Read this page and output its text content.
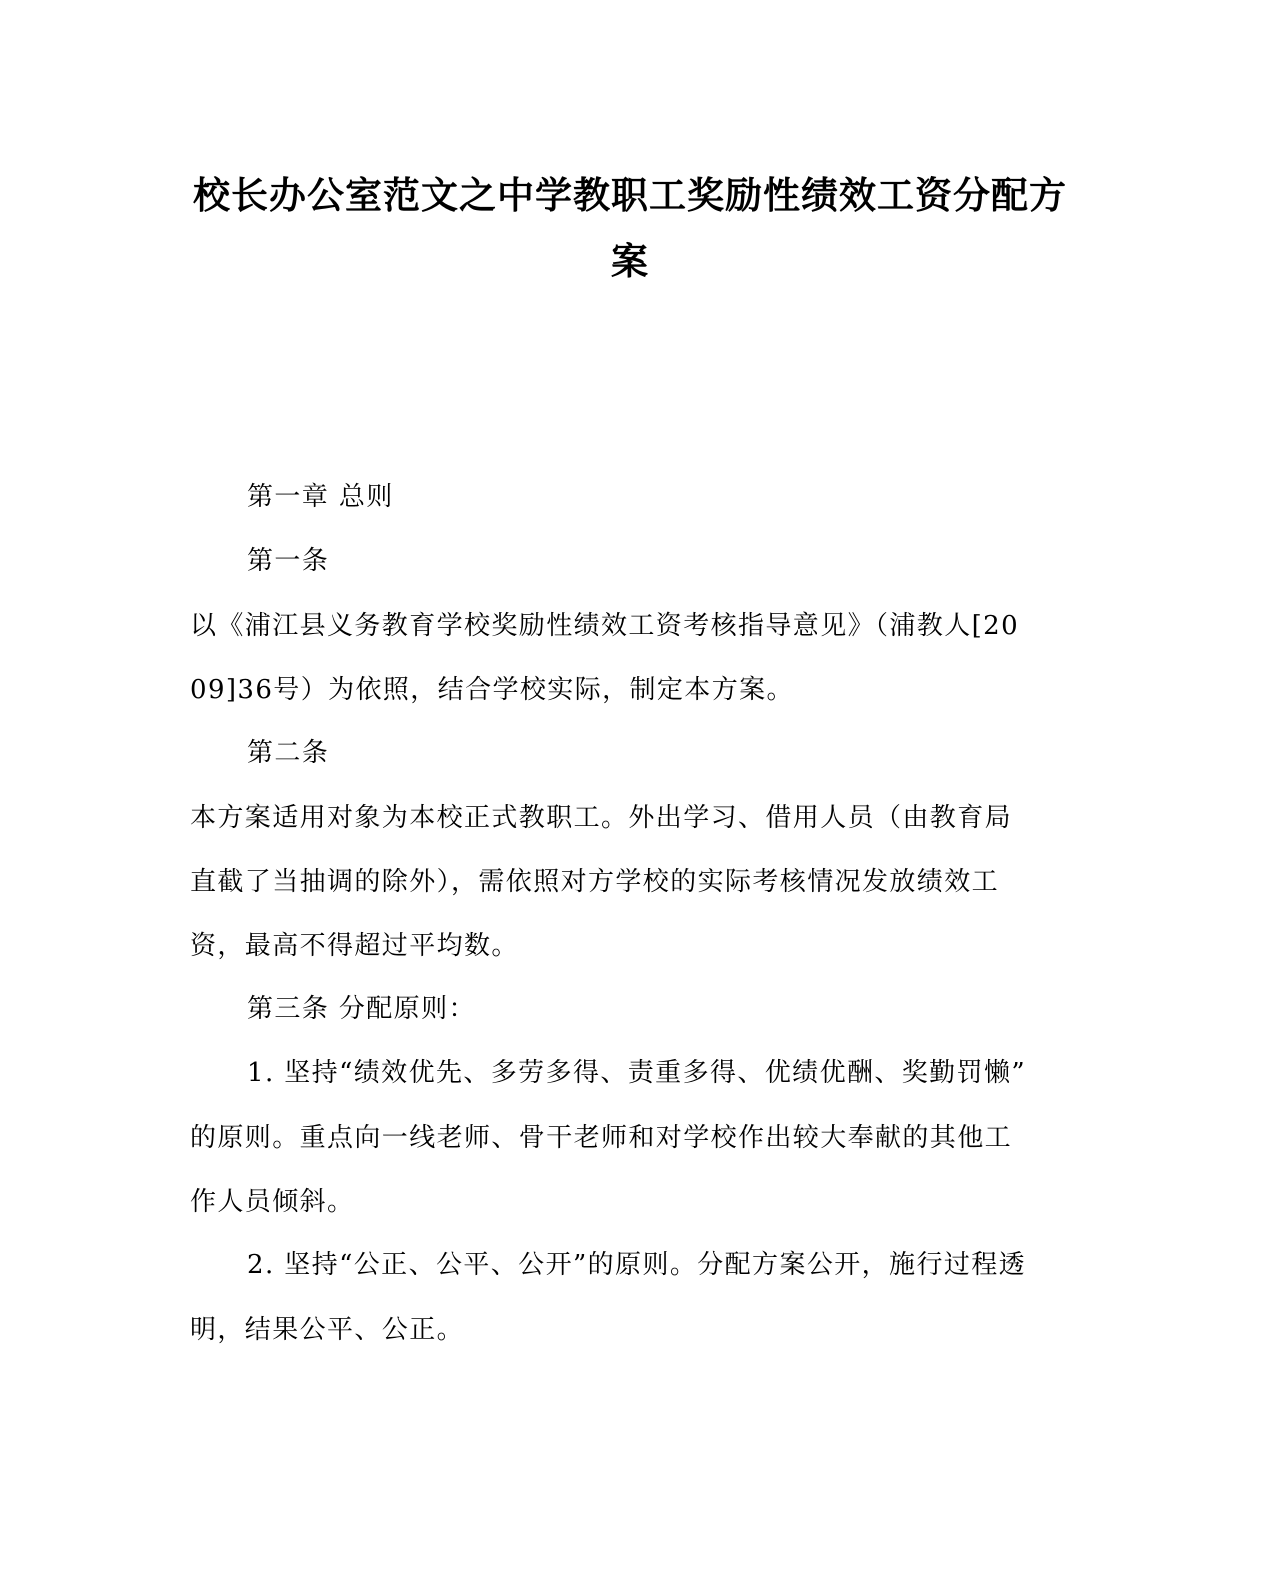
校长办公室范文之中学教职工奖励性绩效工资分配方
案
第一章 总则
第一条
以《浦江县义务教育学校奖励性绩效工资考核指导意见》（浦教人[20
09]36号）为依照，结合学校实际，制定本方案。
第二条
本方案适用对象为本校正式教职工。外出学习、借用人员（由教育局
直截了当抽调的除外），需依照对方学校的实际考核情况发放绩效工
资，最高不得超过平均数。
第三条 分配原则：
1. 坚持“绩效优先、多劳多得、责重多得、优绩优酬、奖勤罚懒”
的原则。重点向一线老师、骨干老师和对学校作出较大奉献的其他工
作人员倾斜。
2. 坚持“公正、公平、公开”的原则。分配方案公开，施行过程透
明，结果公平、公正。
